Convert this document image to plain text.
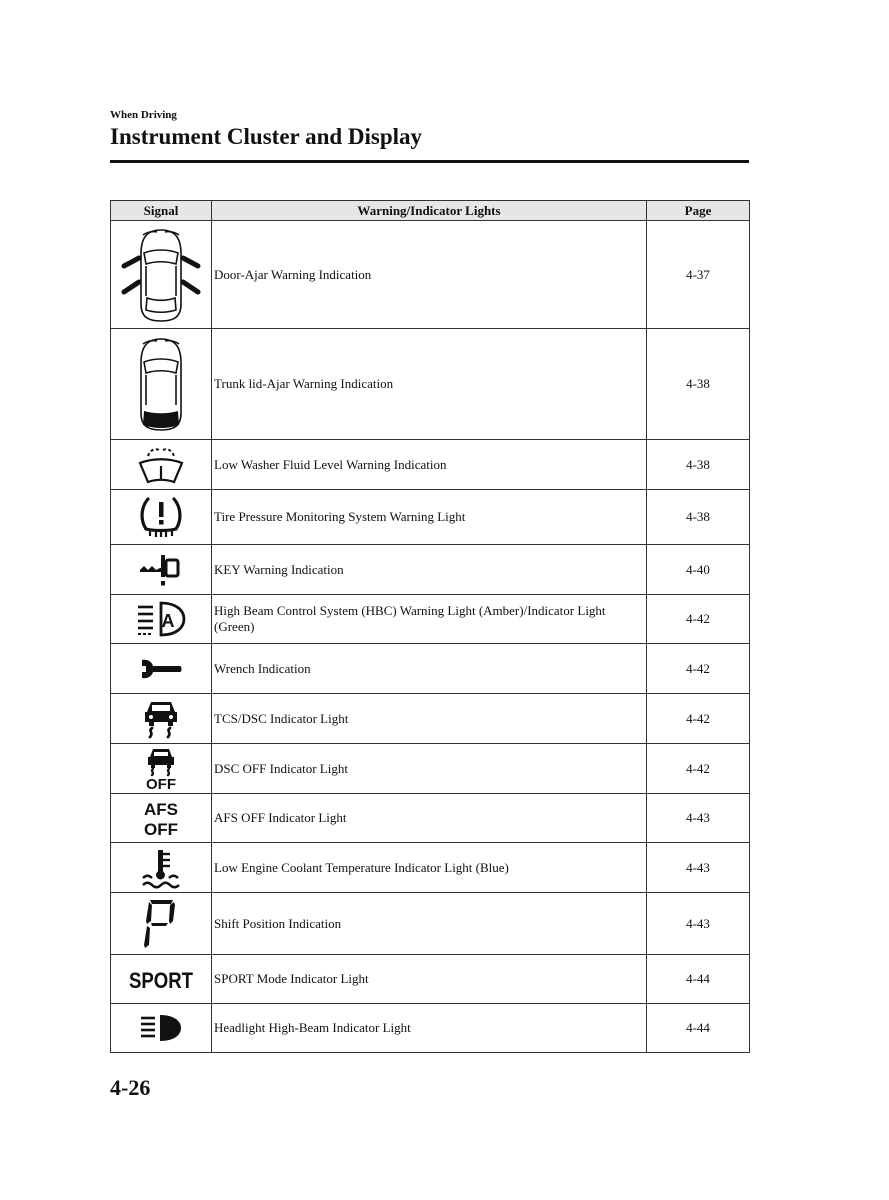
When Driving
Instrument Cluster and Display
Signal	Warning/Indicator Lights	Page

	Door-Ajar Warning Indication	4-37

	Trunk lid-Ajar Warning Indication	4-38

	Low Washer Fluid Level Warning Indication	4-38

	Tire Pressure Monitoring System Warning Light	4-38

	KEY Warning Indication	4-40

A	High Beam Control System (HBC) Warning Light (Amber)/Indicator Light (Green)	4-42

	Wrench Indication	4-42

	TCS/DSC Indicator Light	4-42

OFF	DSC OFF Indicator Light	4-42

AFS
OFF	AFS OFF Indicator Light	4-43

	Low Engine Coolant Temperature Indicator Light (Blue)	4-43

	Shift Position Indication	4-43

SPORT	SPORT Mode Indicator Light	4-44

	Headlight High-Beam Indicator Light	4-44
4-26
